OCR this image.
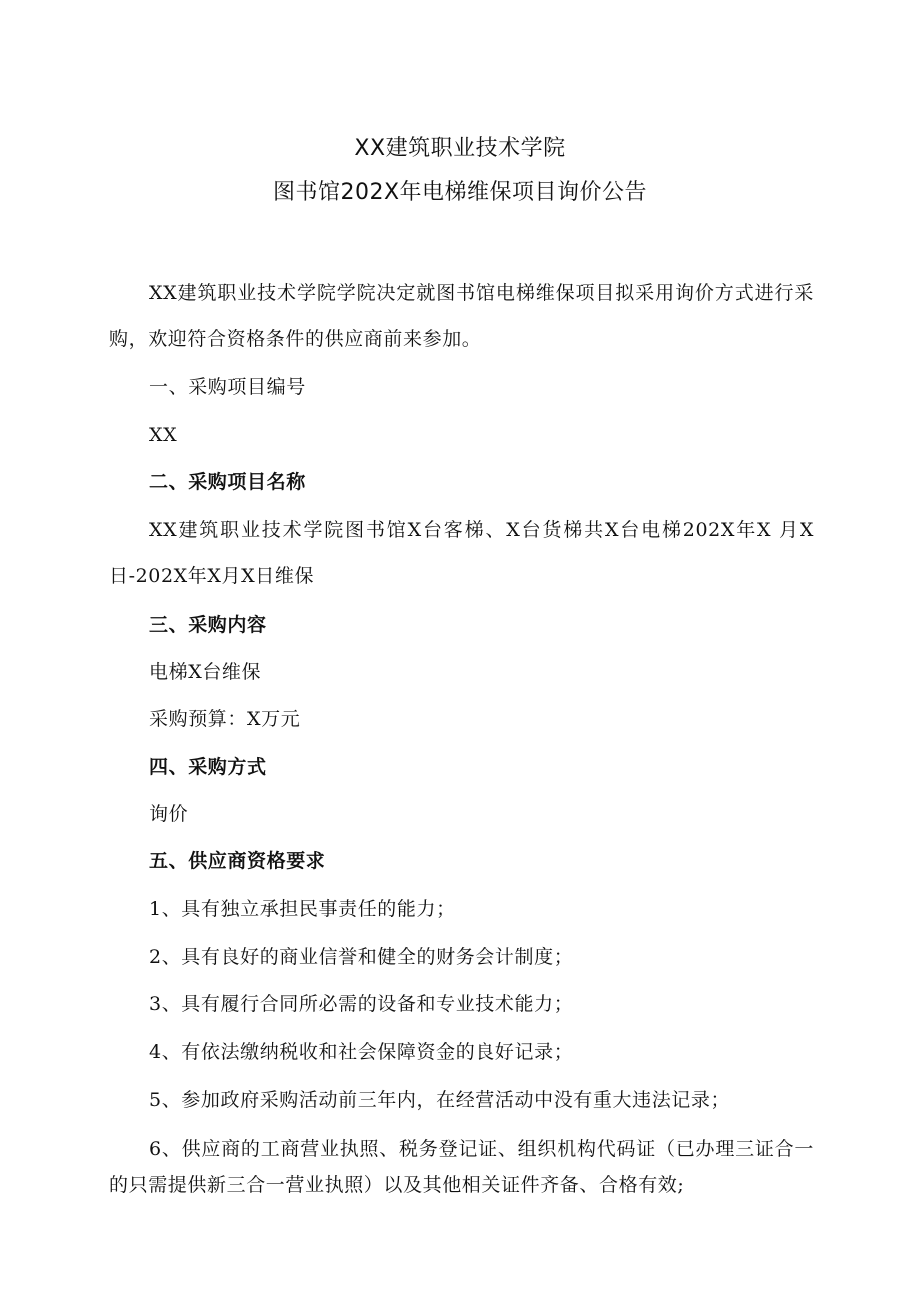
XX建筑职业技术学院
图书馆202X年电梯维保项目询价公告
XX建筑职业技术学院学院决定就图书馆电梯维保项目拟采用询价方式进行采购，欢迎符合资格条件的供应商前来参加。
一、采购项目编号
XX
二、采购项目名称
XX建筑职业技术学院图书馆X台客梯、X台货梯共X台电梯202X年X 月X日-202X年X月X日维保
三、采购内容
电梯X台维保
采购预算：X万元
四、采购方式
询价
五、供应商资格要求
1、具有独立承担民事责任的能力；
2、具有良好的商业信誉和健全的财务会计制度；
3、具有履行合同所必需的设备和专业技术能力；
4、有依法缴纳税收和社会保障资金的良好记录；
5、参加政府采购活动前三年内，在经营活动中没有重大违法记录；
6、供应商的工商营业执照、税务登记证、组织机构代码证（已办理三证合一的只需提供新三合一营业执照）以及其他相关证件齐备、合格有效;
